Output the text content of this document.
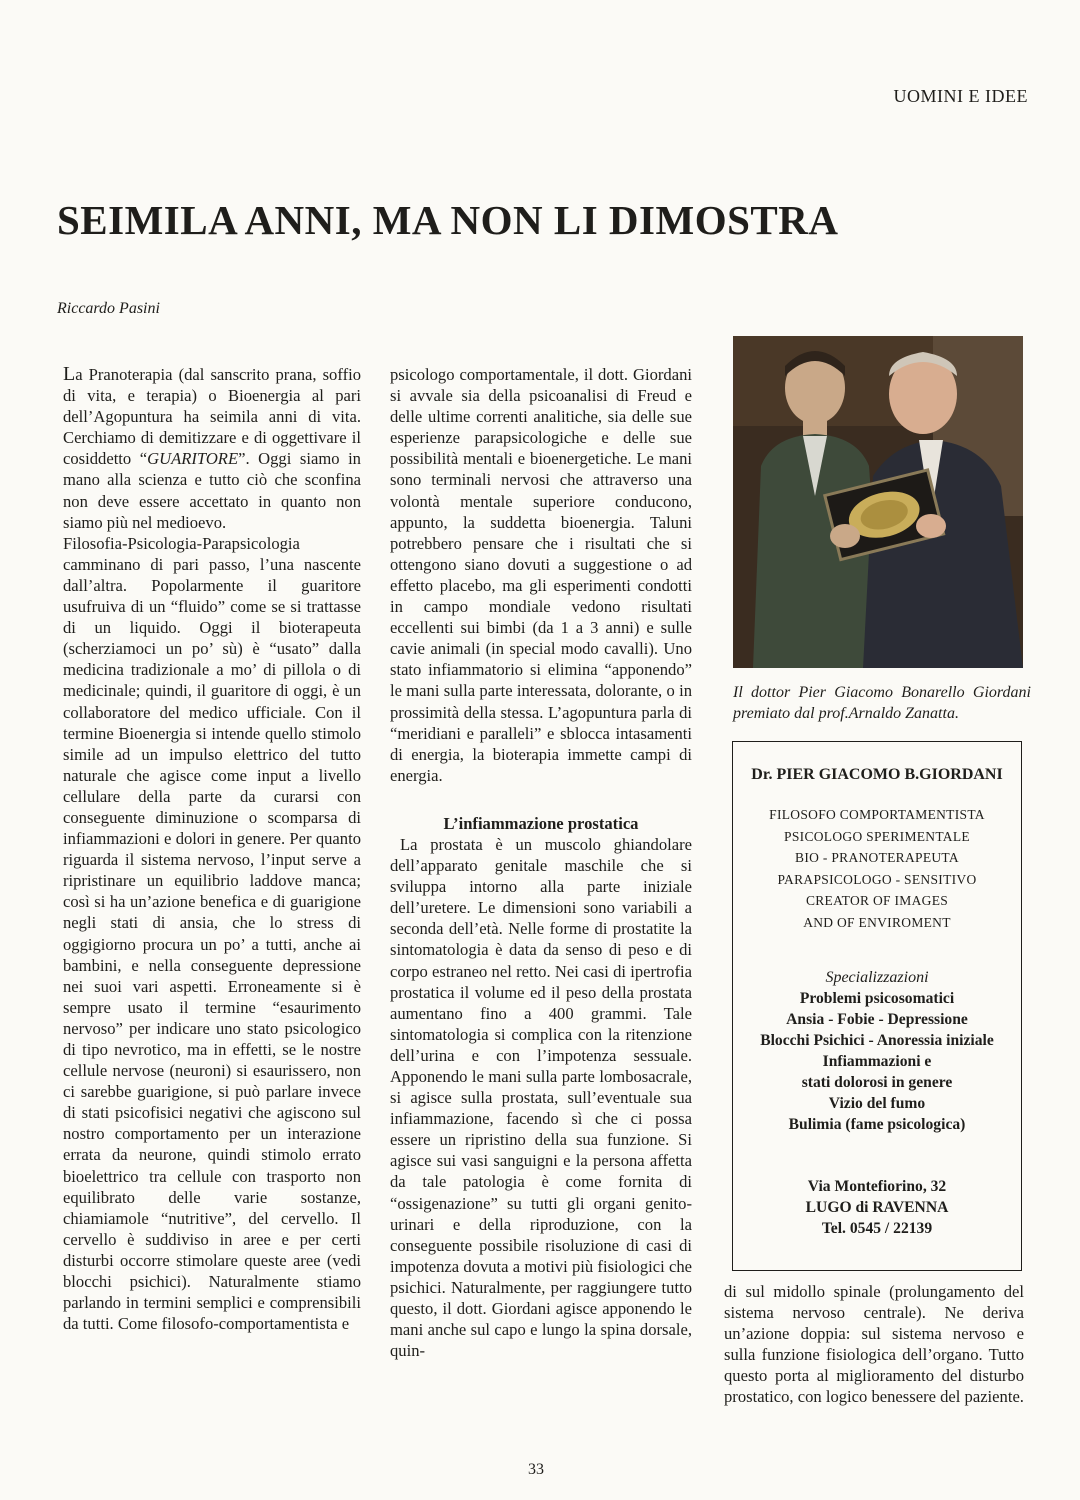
UOMINI E IDEE
SEIMILA ANNI, MA NON LI DIMOSTRA
Riccardo Pasini

La Pranoterapia (dal sanscrito prana, soffio di vita, e terapia) o Bioenergia al pari dell’Agopuntura ha seimila anni di vita. Cerchiamo di demitizzare e di oggettivare il cosiddetto “GUARITORE”. Oggi siamo in mano alla scienza e tutto ciò che sconfina non deve essere accettato in quanto non siamo più nel medioevo.

Filosofia-Psicologia-Parapsicologia camminano di pari passo, l’una nascente dall’altra. Popolarmente il guaritore usufruiva di un “fluido” come se si trattasse di un liquido. Oggi il bioterapeuta (scherziamoci un po’ sù) è “usato” dalla medicina tradizionale a mo’ di pillola o di medicinale; quindi, il guaritore di oggi, è un collaboratore del medico ufficiale. Con il termine Bioenergia si intende quello stimolo simile ad un impulso elettrico del tutto naturale che agisce come input a livello cellulare della parte da curarsi con conseguente diminuzione o scomparsa di infiammazioni e dolori in genere. Per quanto riguarda il sistema nervoso, l’input serve a ripristinare un equilibrio laddove manca; così si ha un’azione benefica e di guarigione negli stati di ansia, che lo stress di oggigiorno procura un po’ a tutti, anche ai bambini, e nella conseguente depressione nei suoi vari aspetti. Erroneamente si è sempre usato il termine “esaurimento nervoso” per indicare uno stato psicologico di tipo nevrotico, ma in effetti, se le nostre cellule nervose (neuroni) si esaurissero, non ci sarebbe guarigione, si può parlare invece di stati psicofisici negativi che agiscono sul nostro comportamento per un interazione errata da neurone, quindi stimolo errato bioelettrico tra cellule con trasporto non equilibrato delle varie sostanze, chiamiamole “nutritive”, del cervello. Il cervello è suddiviso in aree e per certi disturbi occorre stimolare queste aree (vedi blocchi psichici). Naturalmente stiamo parlando in termini semplici e comprensibili da tutti. Come filosofo-comportamentista e

psicologo comportamentale, il dott. Giordani si avvale sia della psicoanalisi di Freud e delle ultime correnti analitiche, sia delle sue esperienze parapsicologiche e delle sue possibilità mentali e bioenergetiche. Le mani sono terminali nervosi che attraverso una volontà mentale superiore conducono, appunto, la suddetta bioenergia. Taluni potrebbero pensare che i risultati che si ottengono siano dovuti a suggestione o ad effetto placebo, ma gli esperimenti condotti in campo mondiale vedono risultati eccellenti sui bimbi (da 1 a 3 anni) e sulle cavie animali (in special modo cavalli). Uno stato infiammatorio si elimina “apponendo” le mani sulla parte interessata, dolorante, o in prossimità della stessa. L’agopuntura parla di “meridiani e paralleli” e sblocca intasamenti di energia, la bioterapia immette campi di energia.

L’infiammazione prostatica

La prostata è un muscolo ghiandolare dell’apparato genitale maschile che si sviluppa intorno alla parte iniziale dell’uretere. Le dimensioni sono variabili a seconda dell’età. Nelle forme di prostatite la sintomatologia è data da senso di peso e di corpo estraneo nel retto. Nei casi di ipertrofia prostatica il volume ed il peso della prostata aumentano fino a 400 grammi. Tale sintomatologia si complica con la ritenzione dell’urina e con l’impotenza sessuale. Apponendo le mani sulla parte lombosacrale, si agisce sulla prostata, sull’eventuale sua infiammazione, facendo sì che ci possa essere un ripristino della sua funzione. Si agisce sui vasi sanguigni e la persona affetta da tale patologia è come fornita di “ossigenazione” su tutti gli organi genito-urinari e della riproduzione, con la conseguente possibile risoluzione di casi di impotenza dovuta a motivi più fisiologici che psichici. Naturalmente, per raggiungere tutto questo, il dott. Giordani agisce apponendo le mani anche sul capo e lungo la spina dorsale, quin-

Il dottor Pier Giacomo Bonarello Giordani premiato dal prof.Arnaldo Zanatta.
Dr. PIER GIACOMO B.GIORDANI
FILOSOFO COMPORTAMENTISTA
PSICOLOGO SPERIMENTALE
BIO - PRANOTERAPEUTA
PARAPSICOLOGO - SENSITIVO
CREATOR OF IMAGES
AND OF ENVIROMENT
Specializzazioni
Problemi psicosomatici
Ansia - Fobie - Depressione
Blocchi Psichici - Anoressia iniziale
Infiammazioni e
stati dolorosi in genere
Vizio del fumo
Bulimia (fame psicologica)
Via Montefiorino, 32
LUGO di RAVENNA
Tel. 0545 / 22139

di sul midollo spinale (prolungamento del sistema nervoso centrale). Ne deriva un’azione doppia: sul sistema nervoso e sulla funzione fisiologica dell’organo. Tutto questo porta al miglioramento del disturbo prostatico, con logico benessere del paziente.

33
